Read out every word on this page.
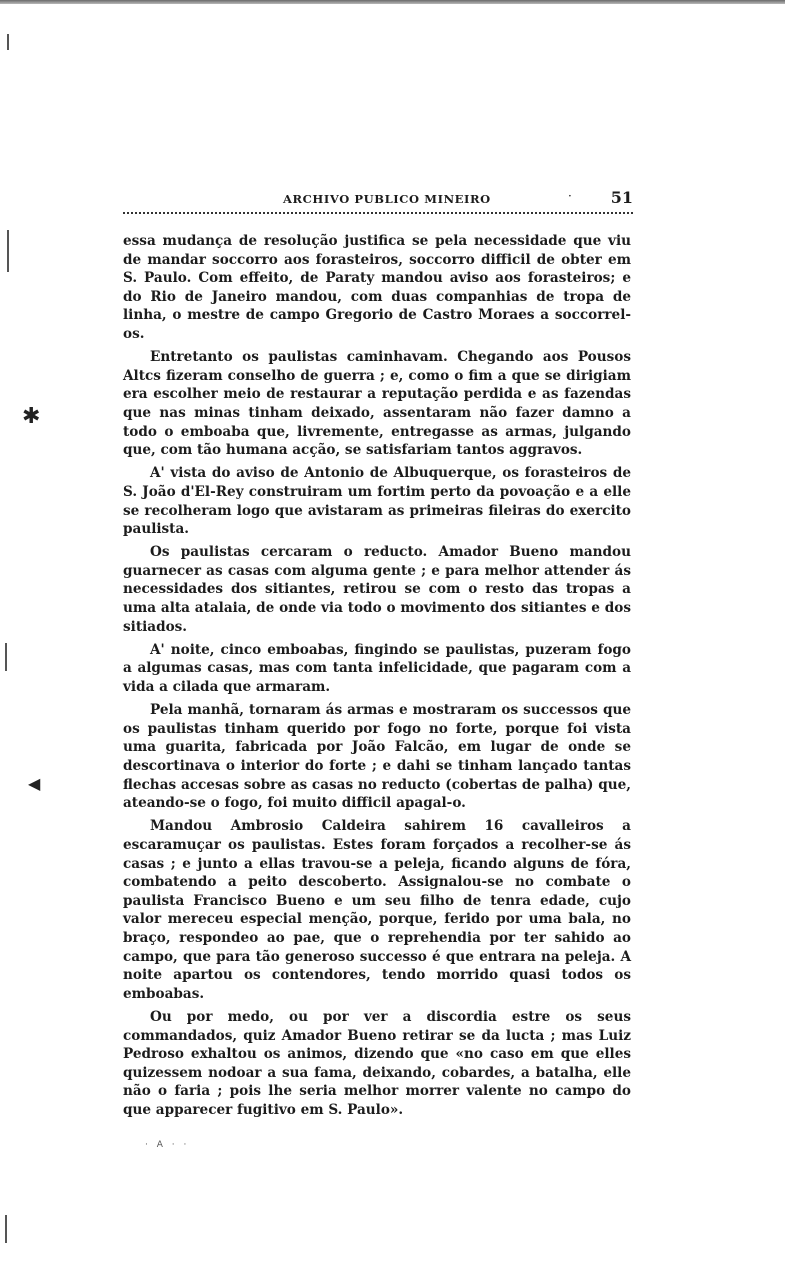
✱
◀
ARCHIVO PUBLICO MINEIRO	· 51

essa mudança de resolução justifica se pela necessidade que viu de mandar soccorro aos forasteiros, soccorro difficil de obter em S. Paulo. Com effeito, de Paraty mandou aviso aos forasteiros; e do Rio de Janeiro mandou, com duas companhias de tropa de linha, o mestre de campo Gregorio de Castro Moraes a soccorrel-os.

Entretanto os paulistas caminhavam. Chegando aos Pousos Altcs fizeram conselho de guerra ; e, como o fim a que se dirigiam era escolher meio de restaurar a reputação perdida e as fazendas que nas minas tinham deixado, assentaram não fazer damno a todo o emboaba que, livremente, entregasse as armas, julgando que, com tão humana acção, se satisfariam tantos aggravos.

A' vista do aviso de Antonio de Albuquerque, os forasteiros de S. João d'El-Rey construiram um fortim perto da povoação e a elle se recolheram logo que avistaram as primeiras fileiras do exercito paulista.

Os paulistas cercaram o reducto. Amador Bueno mandou guarnecer as casas com alguma gente ; e para melhor attender ás necessidades dos sitiantes, retirou se com o resto das tropas a uma alta atalaia, de onde via todo o movimento dos sitiantes e dos sitiados.

A' noite, cinco emboabas, fingindo se paulistas, puzeram fogo a algumas casas, mas com tanta infelicidade, que pagaram com a vida a cilada que armaram.

Pela manhã, tornaram ás armas e mostraram os successos que os paulistas tinham querido por fogo no forte, porque foi vista uma guarita, fabricada por João Falcão, em lugar de onde se descortinava o interior do forte ; e dahi se tinham lançado tantas flechas accesas sobre as casas no reducto (cobertas de palha) que, ateando-se o fogo, foi muito difficil apagal-o.

Mandou Ambrosio Caldeira sahirem 16 cavalleiros a escaramuçar os paulistas. Estes foram forçados a recolher-se ás casas ; e junto a ellas travou-se a peleja, ficando alguns de fóra, combatendo a peito descoberto. Assignalou-se no combate o paulista Francisco Bueno e um seu filho de tenra edade, cujo valor mereceu especial menção, porque, ferido por uma bala, no braço, respondeo ao pae, que o reprehendia por ter sahido ao campo, que para tão generoso successo é que entrara na peleja. A noite apartou os contendores, tendo morrido quasi todos os emboabas.

Ou por medo, ou por ver a discordia estre os seus commandados, quiz Amador Bueno retirar se da lucta ; mas Luiz Pedroso exhaltou os animos, dizendo que «no caso em que elles quizessem nodoar a sua fama, deixando, cobardes, a batalha, elle não o faria ; pois lhe seria melhor morrer valente no campo do que apparecer fugitivo em S. Paulo».

· A · ·
